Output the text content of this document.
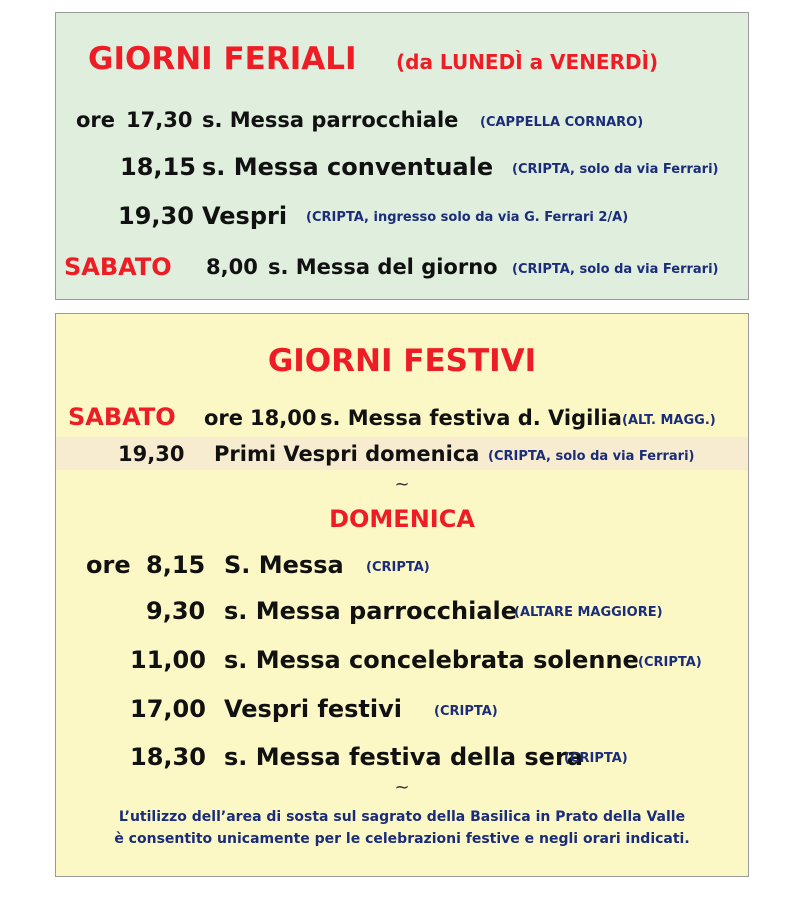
GIORNI FERIALI (da LUNEDÌ a VENERDÌ)
ore 17,30 s. Messa parrocchiale (CAPPELLA CORNARO)
18,15 s. Messa conventuale (CRIPTA, solo da via Ferrari)
19,30 Vespri (CRIPTA, ingresso solo da via G. Ferrari 2/A)
SABATO 8,00 s. Messa del giorno (CRIPTA, solo da via Ferrari)
GIORNI FESTIVI
SABATO ore 18,00 s. Messa festiva d. Vigilia (ALT. MAGG.)
19,30 Primi Vespri domenica (CRIPTA, solo da via Ferrari)
~
DOMENICA
ore 8,15 S. Messa (CRIPTA)
9,30 s. Messa parrocchiale
(ALTARE MAGGIORE)
11,00 s. Messa concelebrata solenne (CRIPTA)
17,00 Vespri festivi (CRIPTA)
18,30 s. Messa festiva della sera
(CRIPTA)
~
L’utilizzo dell’area di sosta sul sagrato della Basilica in Prato della Valle
è consentito unicamente per le celebrazioni festive e negli orari indicati.
